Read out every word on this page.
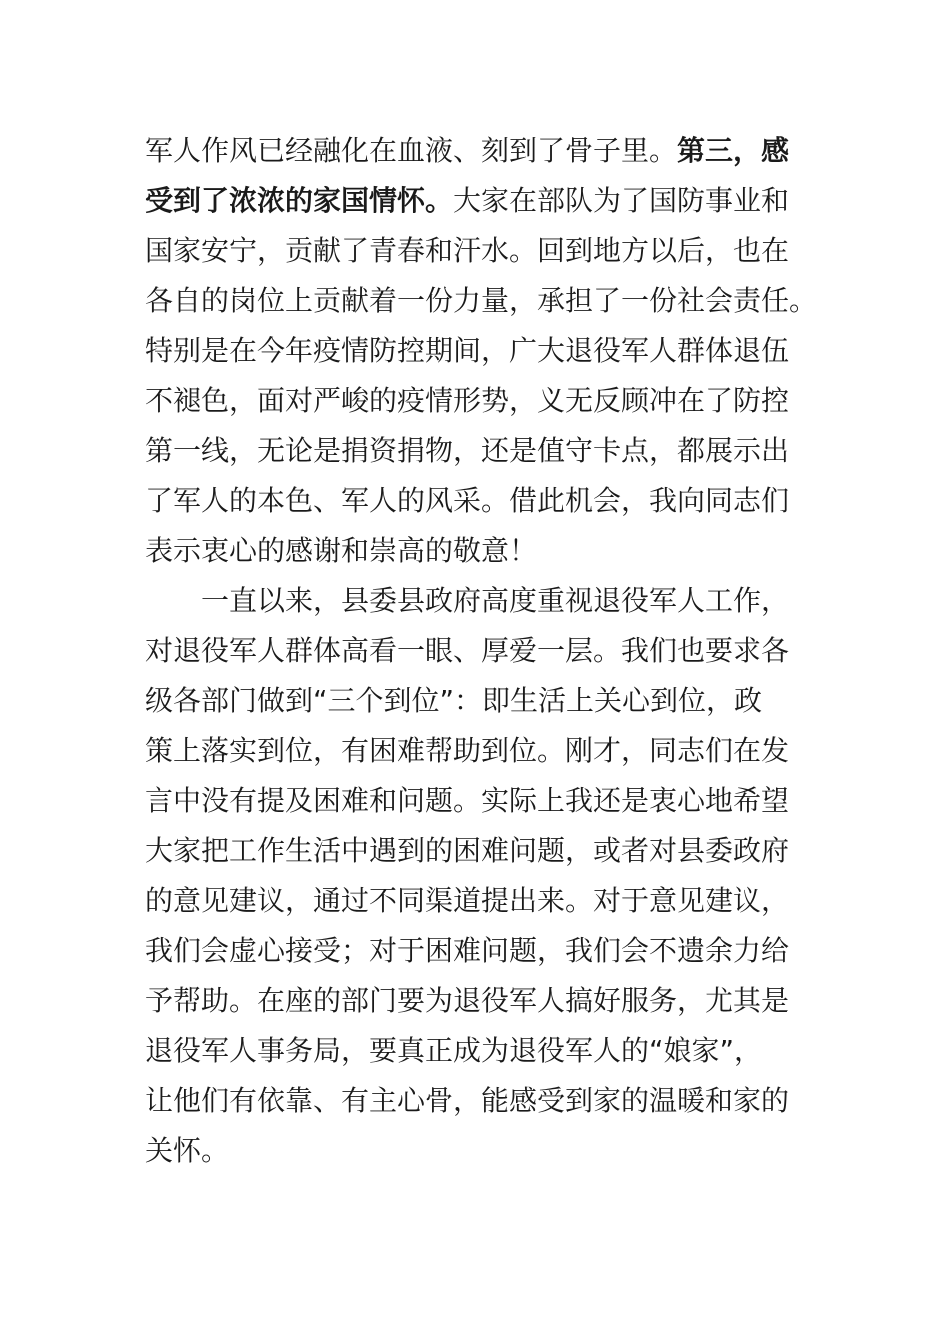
军人作风已经融化在血液、刻到了骨子里。第三，感
受到了浓浓的家国情怀。大家在部队为了国防事业和
国家安宁，贡献了青春和汗水。回到地方以后，也在
各自的岗位上贡献着一份力量，承担了一份社会责任。
特别是在今年疫情防控期间，广大退役军人群体退伍
不褪色，面对严峻的疫情形势，义无反顾冲在了防控
第一线，无论是捐资捐物，还是值守卡点，都展示出
了军人的本色、军人的风采。借此机会，我向同志们
表示衷心的感谢和崇高的敬意！
一直以来，县委县政府高度重视退役军人工作，
对退役军人群体高看一眼、厚爱一层。我们也要求各
级各部门做到“三个到位”：即生活上关心到位，政
策上落实到位，有困难帮助到位。刚才，同志们在发
言中没有提及困难和问题。实际上我还是衷心地希望
大家把工作生活中遇到的困难问题，或者对县委政府
的意见建议，通过不同渠道提出来。对于意见建议，
我们会虚心接受；对于困难问题，我们会不遗余力给
予帮助。在座的部门要为退役军人搞好服务，尤其是
退役军人事务局，要真正成为退役军人的“娘家”，
让他们有依靠、有主心骨，能感受到家的温暖和家的
关怀。
